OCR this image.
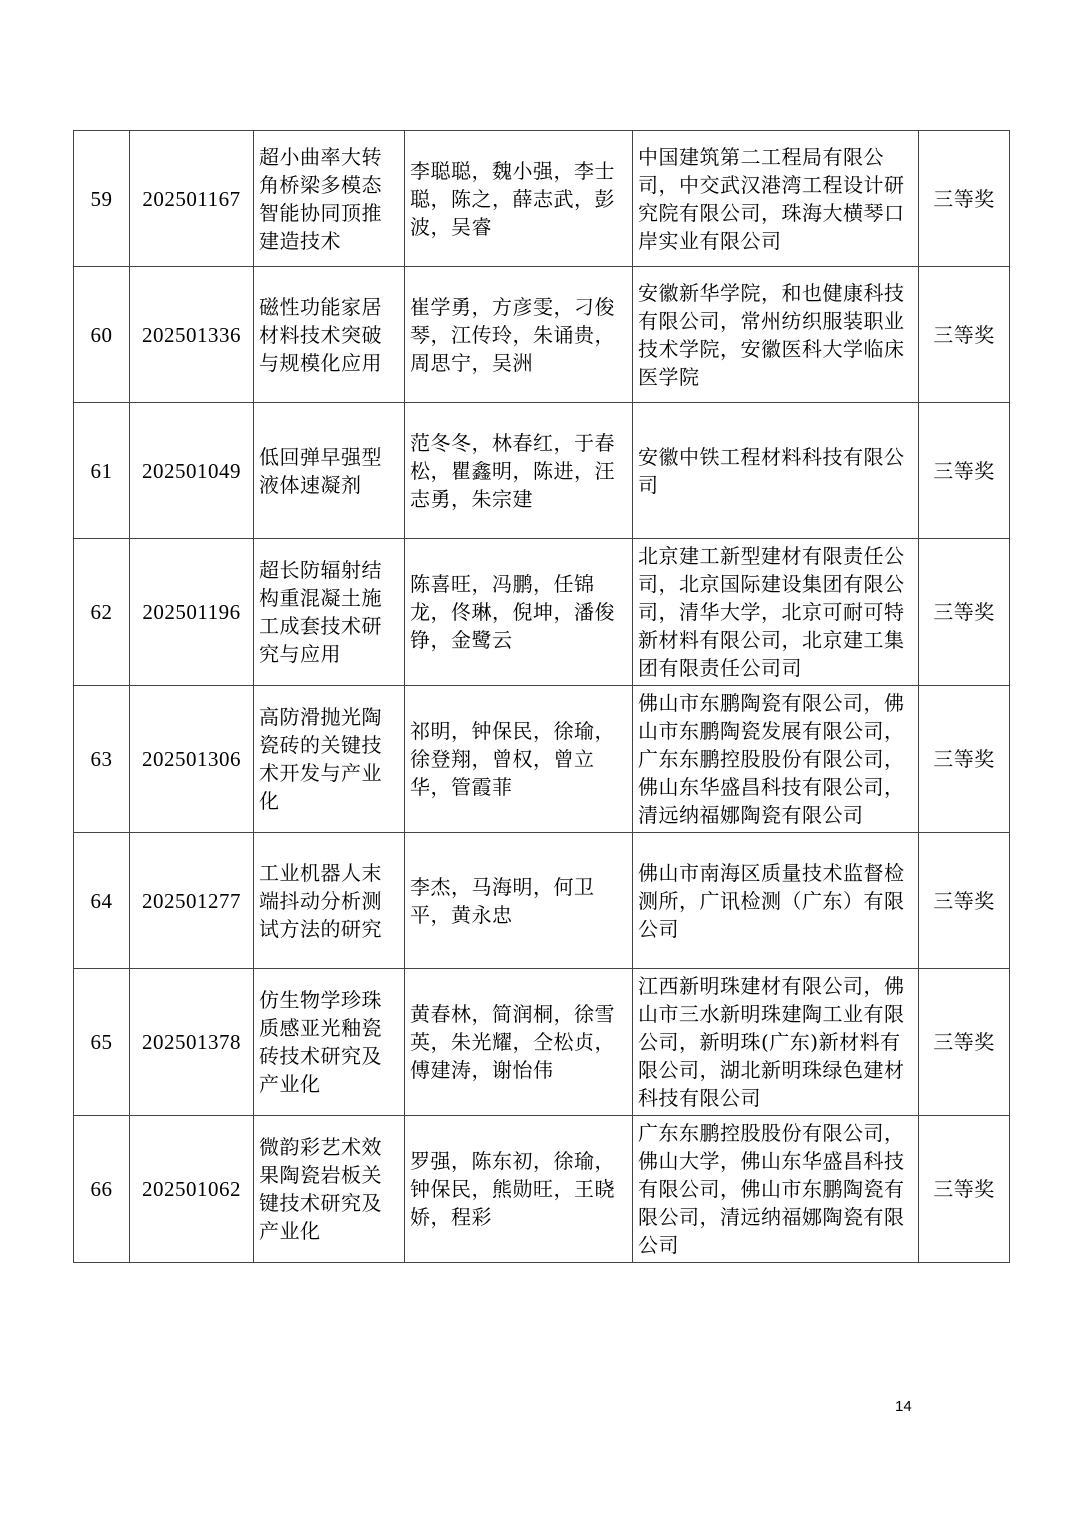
59	202501167	超小曲率大转角桥梁多模态智能协同顶推建造技术	李聪聪，魏小强，李士聪，陈之，薛志武，彭波，吴睿	中国建筑第二工程局有限公司，中交武汉港湾工程设计研究院有限公司，珠海大横琴口岸实业有限公司	三等奖
60	202501336	磁性功能家居材料技术突破与规模化应用	崔学勇，方彦雯，刁俊琴，江传玲，朱诵贵，周思宁，吴洲	安徽新华学院，和也健康科技有限公司，常州纺织服装职业技术学院，安徽医科大学临床医学院	三等奖
61	202501049	低回弹早强型液体速凝剂	范冬冬，林春红，于春松，瞿鑫明，陈进，汪志勇，朱宗建	安徽中铁工程材料科技有限公司	三等奖
62	202501196	超长防辐射结构重混凝土施工成套技术研究与应用	陈喜旺，冯鹏，任锦龙，佟琳，倪坤，潘俊铮，金鹭云	北京建工新型建材有限责任公司，北京国际建设集团有限公司，清华大学，北京可耐可特新材料有限公司，北京建工集团有限责任公司司	三等奖
63	202501306	高防滑抛光陶瓷砖的关键技术开发与产业化	祁明，钟保民，徐瑜，徐登翔，曾权，曾立华，管霞菲	佛山市东鹏陶瓷有限公司，佛山市东鹏陶瓷发展有限公司，广东东鹏控股股份有限公司，佛山东华盛昌科技有限公司，清远纳福娜陶瓷有限公司	三等奖
64	202501277	工业机器人末端抖动分析测试方法的研究	李杰，马海明，何卫平，黄永忠	佛山市南海区质量技术监督检测所，广讯检测（广东）有限公司	三等奖
65	202501378	仿生物学珍珠质感亚光釉瓷砖技术研究及产业化	黄春林，简润桐，徐雪英，朱光耀，仝松贞，傅建涛，谢怡伟	江西新明珠建材有限公司，佛山市三水新明珠建陶工业有限公司，新明珠(广东)新材料有限公司，湖北新明珠绿色建材科技有限公司	三等奖
66	202501062	微韵彩艺术效果陶瓷岩板关键技术研究及产业化	罗强，陈东初，徐瑜，钟保民，熊勋旺，王晓娇，程彩	广东东鹏控股股份有限公司，佛山大学，佛山东华盛昌科技有限公司，佛山市东鹏陶瓷有限公司，清远纳福娜陶瓷有限公司	三等奖
14
